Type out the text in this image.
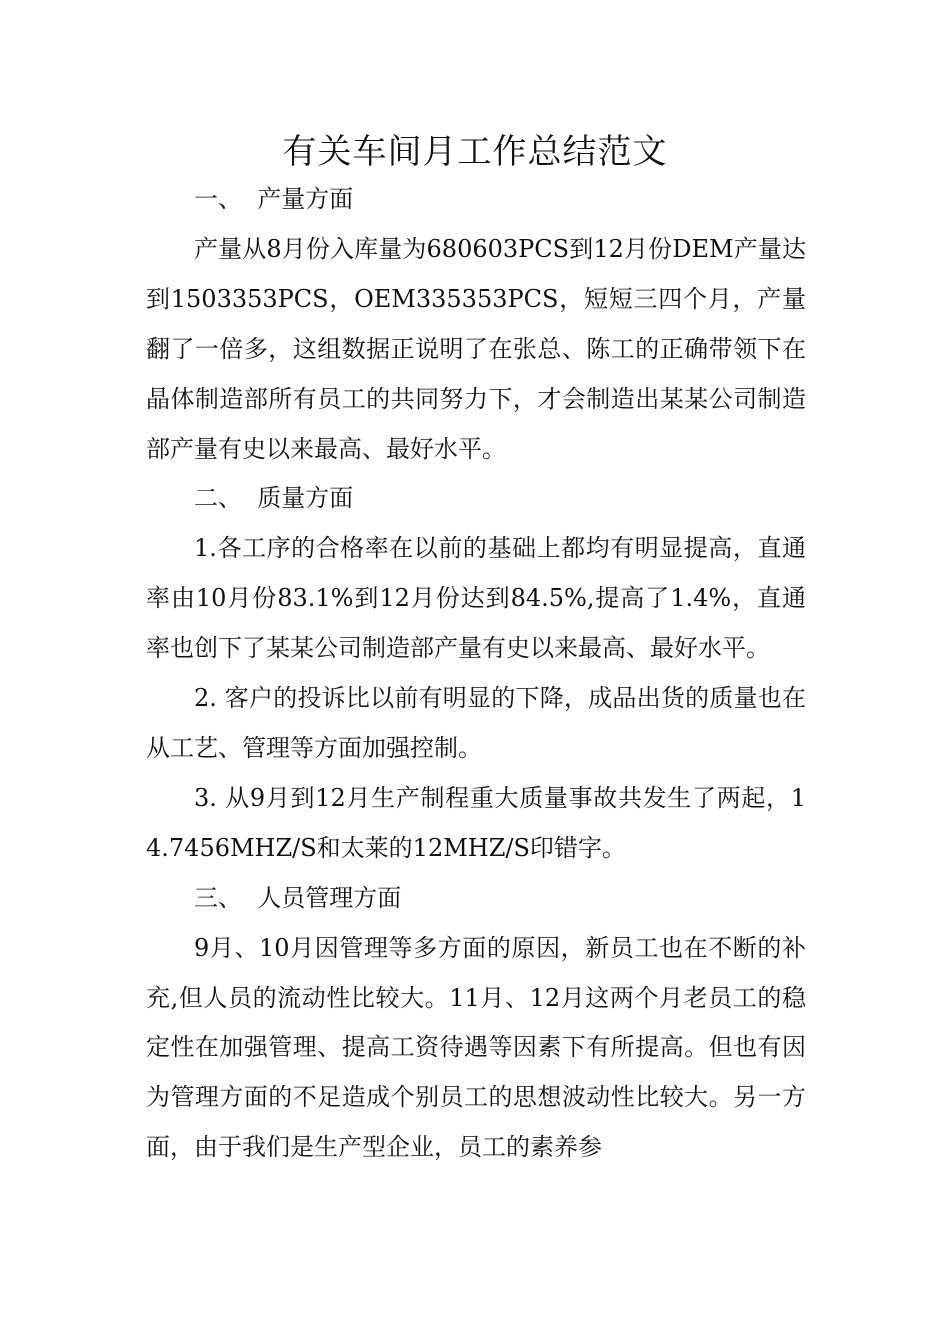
有关车间月工作总结范文

一、  产量方面

产量从8月份入库量为680603PCS到12月份DEM产量达到1503353PCS，OEM335353PCS，短短三四个月，产量翻了一倍多，这组数据正说明了在张总、陈工的正确带领下在晶体制造部所有员工的共同努力下，才会制造出某某公司制造部产量有史以来最高、最好水平。

二、  质量方面

1.各工序的合格率在以前的基础上都均有明显提高，直通率由10月份83.1%到12月份达到84.5%,提高了1.4%，直通率也创下了某某公司制造部产量有史以来最高、最好水平。

2. 客户的投诉比以前有明显的下降，成品出货的质量也在从工艺、管理等方面加强控制。

3. 从9月到12月生产制程重大质量事故共发生了两起，14.7456MHZ/S和太莱的12MHZ/S印错字。

三、  人员管理方面

9月、10月因管理等多方面的原因，新员工也在不断的补充,但人员的流动性比较大。11月、12月这两个月老员工的稳定性在加强管理、提高工资待遇等因素下有所提高。但也有因为管理方面的不足造成个别员工的思想波动性比较大。另一方面，由于我们是生产型企业，员工的素养参
